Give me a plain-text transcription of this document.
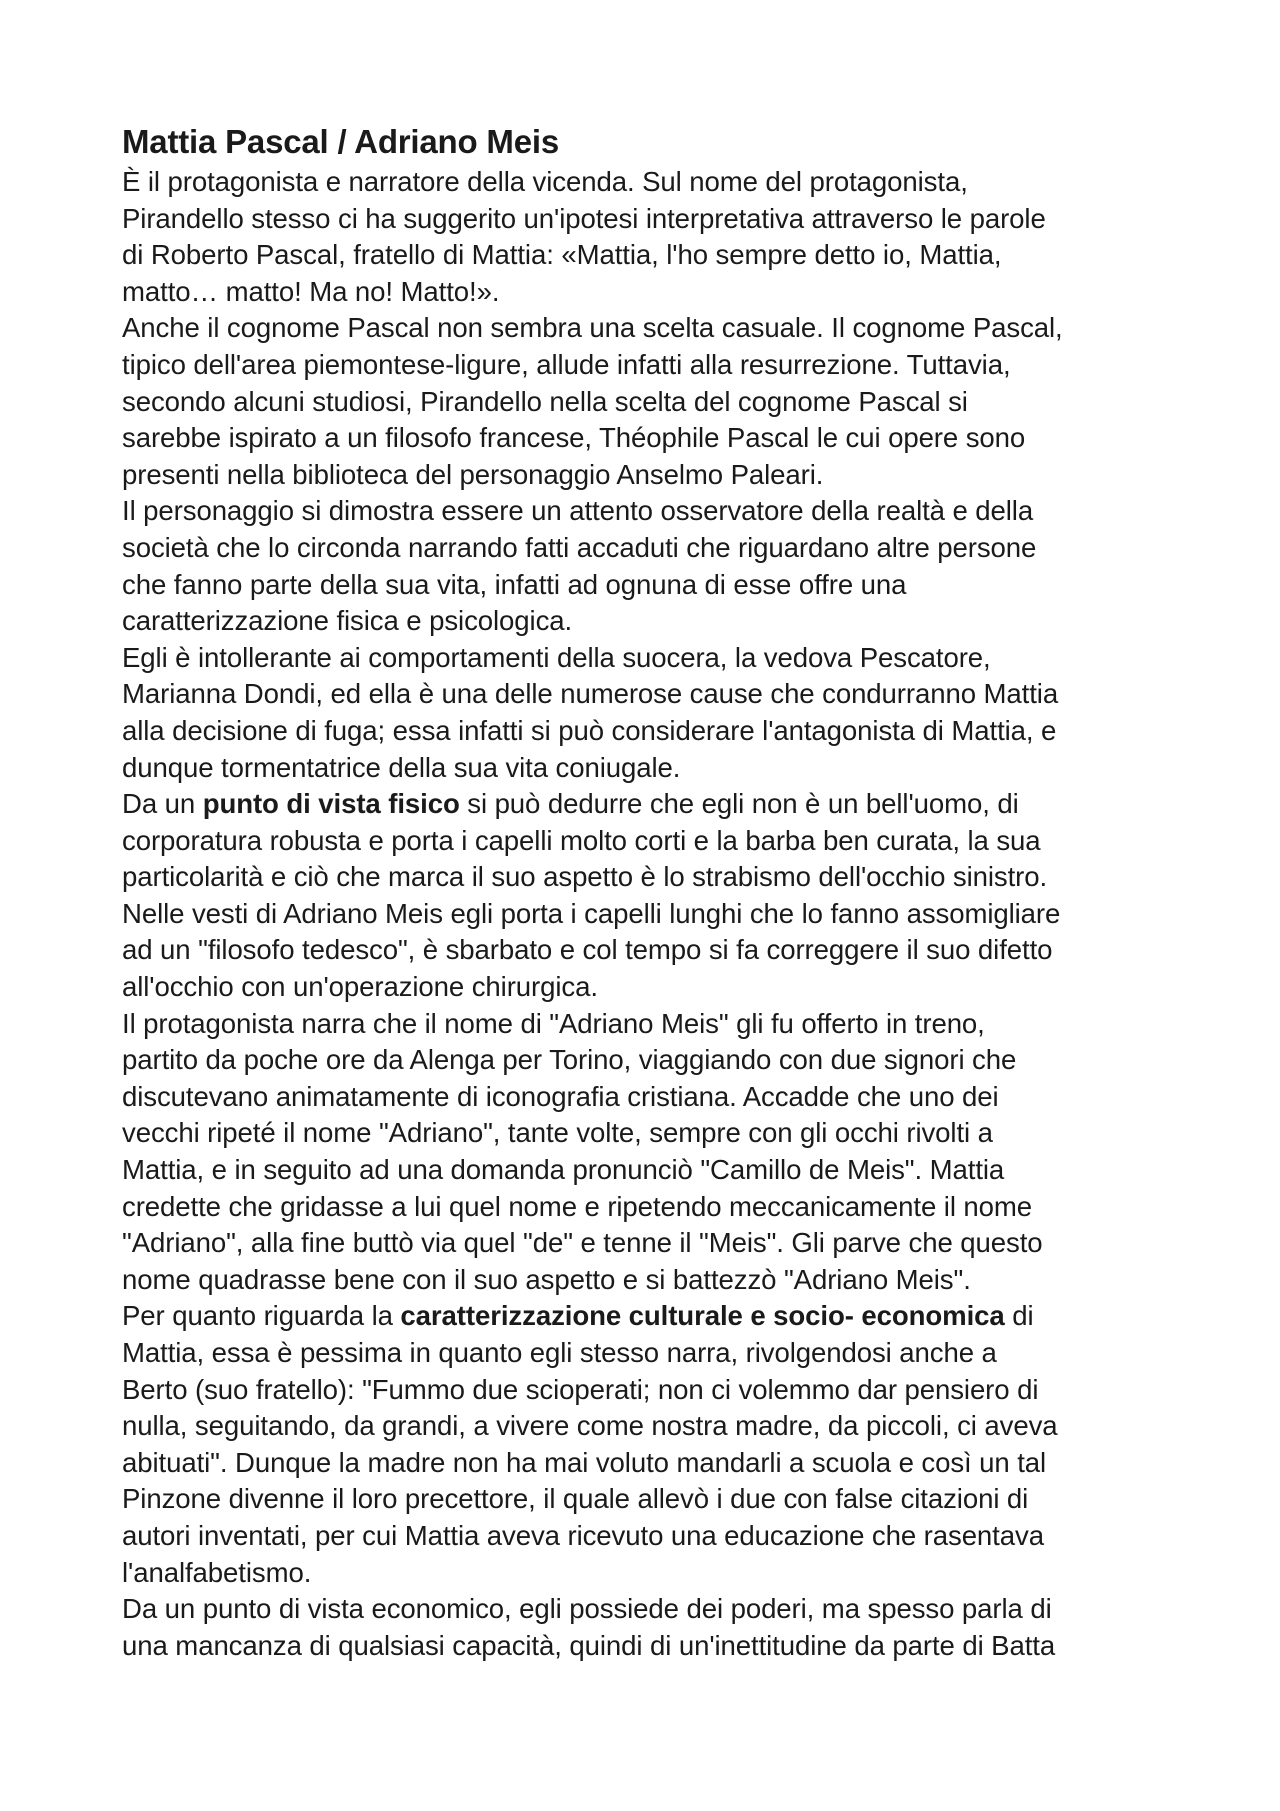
Mattia Pascal / Adriano Meis
È il protagonista e narratore della vicenda. Sul nome del protagonista,
Pirandello stesso ci ha suggerito un'ipotesi interpretativa attraverso le parole
di Roberto Pascal, fratello di Mattia: «Mattia, l'ho sempre detto io, Mattia,
matto… matto! Ma no! Matto!».
Anche il cognome Pascal non sembra una scelta casuale. Il cognome Pascal,
tipico dell'area piemontese-ligure, allude infatti alla resurrezione. Tuttavia,
secondo alcuni studiosi, Pirandello nella scelta del cognome Pascal si
sarebbe ispirato a un filosofo francese, Théophile Pascal le cui opere sono
presenti nella biblioteca del personaggio Anselmo Paleari.
Il personaggio si dimostra essere un attento osservatore della realtà e della
società che lo circonda narrando fatti accaduti che riguardano altre persone
che fanno parte della sua vita, infatti ad ognuna di esse offre una
caratterizzazione fisica e psicologica.
Egli è intollerante ai comportamenti della suocera, la vedova Pescatore,
Marianna Dondi, ed ella è una delle numerose cause che condurranno Mattia
alla decisione di fuga; essa infatti si può considerare l'antagonista di Mattia, e
dunque tormentatrice della sua vita coniugale.
Da un punto di vista fisico si può dedurre che egli non è un bell'uomo, di
corporatura robusta e porta i capelli molto corti e la barba ben curata, la sua
particolarità e ciò che marca il suo aspetto è lo strabismo dell'occhio sinistro.
Nelle vesti di Adriano Meis egli porta i capelli lunghi che lo fanno assomigliare
ad un "filosofo tedesco", è sbarbato e col tempo si fa correggere il suo difetto
all'occhio con un'operazione chirurgica.
Il protagonista narra che il nome di "Adriano Meis" gli fu offerto in treno,
partito da poche ore da Alenga per Torino, viaggiando con due signori che
discutevano animatamente di iconografia cristiana. Accadde che uno dei
vecchi ripeté il nome "Adriano", tante volte, sempre con gli occhi rivolti a
Mattia, e in seguito ad una domanda pronunciò "Camillo de Meis". Mattia
credette che gridasse a lui quel nome e ripetendo meccanicamente il nome
"Adriano", alla fine buttò via quel "de" e tenne il "Meis". Gli parve che questo
nome quadrasse bene con il suo aspetto e si battezzò "Adriano Meis".
Per quanto riguarda la caratterizzazione culturale e socio- economica di
Mattia, essa è pessima in quanto egli stesso narra, rivolgendosi anche a
Berto (suo fratello): "Fummo due scioperati; non ci volemmo dar pensiero di
nulla, seguitando, da grandi, a vivere come nostra madre, da piccoli, ci aveva
abituati". Dunque la madre non ha mai voluto mandarli a scuola e così un tal
Pinzone divenne il loro precettore, il quale allevò i due con false citazioni di
autori inventati, per cui Mattia aveva ricevuto una educazione che rasentava
l'analfabetismo.
Da un punto di vista economico, egli possiede dei poderi, ma spesso parla di
una mancanza di qualsiasi capacità, quindi di un'inettitudine da parte di Batta
